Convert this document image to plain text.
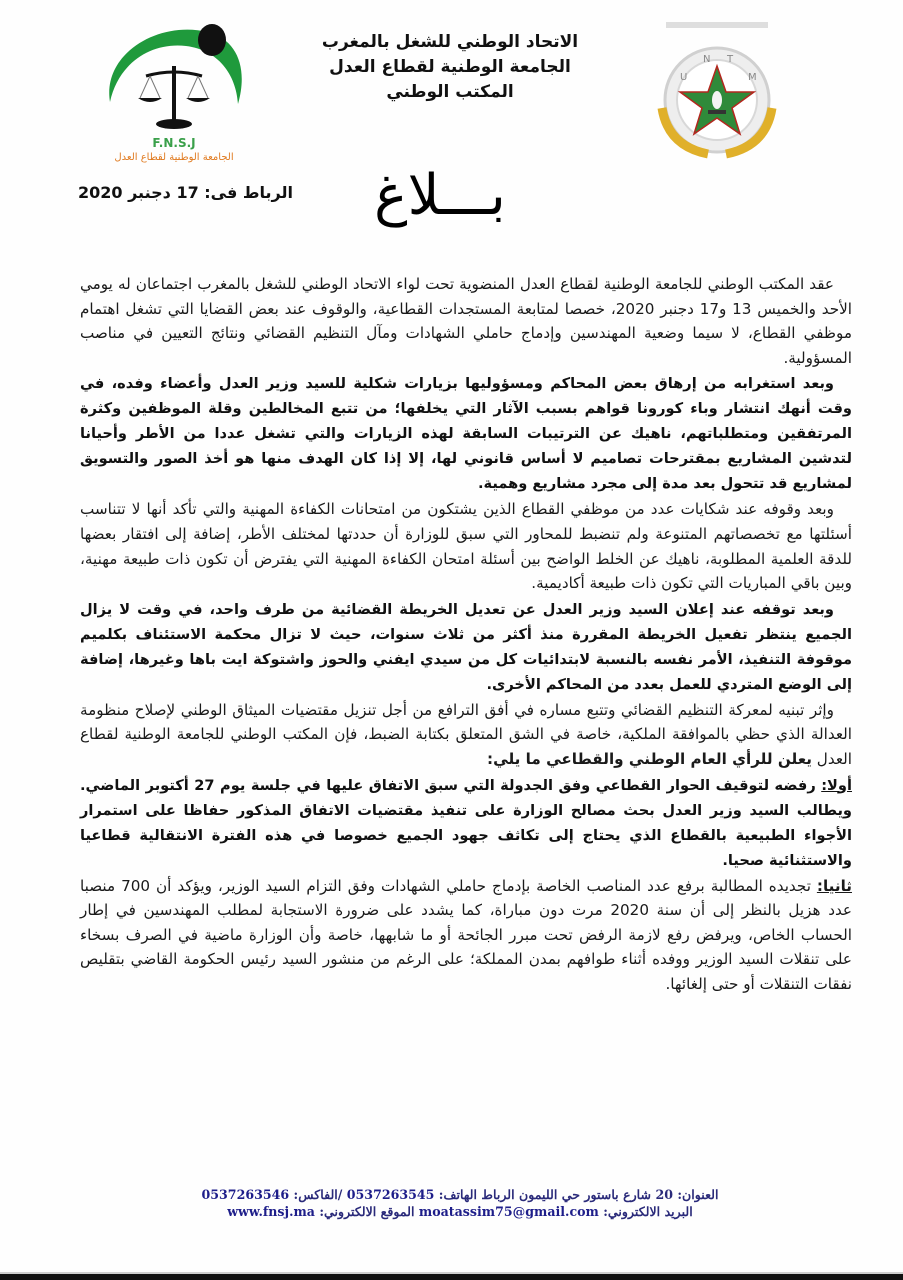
F.N.S.J
الجامعة الوطنية لقطاع العدل
U
N T
M
الاتحاد الوطني للشغل بالمغرب
الجامعة الوطنية لقطاع العدل
المكتب الوطني
الرباط فى: 17 دجنبر 2020 بـــلاغ

عقد المكتب الوطني للجامعة الوطنية لقطاع العدل المنضوية تحت لواء الاتحاد الوطني للشغل بالمغرب اجتماعان له يومي الأحد والخميس 13 و17 دجنبر 2020، خصصا لمتابعة المستجدات القطاعية، والوقوف عند بعض القضايا التي تشغل اهتمام موظفي القطاع، لا سيما وضعية المهندسين وإدماج حاملي الشهادات ومآل التنظيم القضائي ونتائج التعيين في مناصب المسؤولية.

وبعد استغرابه من إرهاق بعض المحاكم ومسؤوليها بزيارات شكلية للسيد وزير العدل وأعضاء وفده، في وقت أنهك انتشار وباء كورونا قواهم بسبب الآثار التي يخلفها؛ من تتبع المخالطين وقلة الموظفين وكثرة المرتفقين ومتطلباتهم، ناهيك عن الترتيبات السابقة لهذه الزيارات والتي تشغل عددا من الأطر وأحيانا لتدشين المشاريع بمقترحات تصاميم لا أساس قانوني لها، إلا إذا كان الهدف منها هو أخذ الصور والتسويق لمشاريع قد تتحول بعد مدة إلى مجرد مشاريع وهمية.

وبعد وقوفه عند شكايات عدد من موظفي القطاع الذين يشتكون من امتحانات الكفاءة المهنية والتي تأكد أنها لا تتناسب أسئلتها مع تخصصاتهم المتنوعة ولم تنضبط للمحاور التي سبق للوزارة أن حددتها لمختلف الأطر، إضافة إلى افتقار بعضها للدقة العلمية المطلوبة، ناهيك عن الخلط الواضح بين أسئلة امتحان الكفاءة المهنية التي يفترض أن تكون ذات طبيعة مهنية، وبين باقي المباريات التي تكون ذات طبيعة أكاديمية.

وبعد توقفه عند إعلان السيد وزير العدل عن تعديل الخريطة القضائية من طرف واحد، في وقت لا يزال الجميع ينتظر تفعيل الخريطة المقررة منذ أكثر من ثلاث سنوات، حيث لا تزال محكمة الاستئناف بكلميم موقوفة التنفيذ، الأمر نفسه بالنسبة لابتدائيات كل من سيدي ايفني والحوز واشتوكة ايت باها وغيرها، إضافة إلى الوضع المتردي للعمل بعدد من المحاكم الأخرى.

وإثر تبنيه لمعركة التنظيم القضائي وتتبع مساره في أفق الترافع من أجل تنزيل مقتضيات الميثاق الوطني لإصلاح منظومة العدالة الذي حظي بالموافقة الملكية، خاصة في الشق المتعلق بكتابة الضبط، فإن المكتب الوطني للجامعة الوطنية لقطاع العدل يعلن للرأي العام الوطني والقطاعي ما يلي:

أولا: رفضه لتوقيف الحوار القطاعي وفق الجدولة التي سبق الاتفاق عليها في جلسة يوم 27 أكتوبر الماضي. ويطالب السيد وزير العدل بحث مصالح الوزارة على تنفيذ مقتضيات الاتفاق المذكور حفاظا على استمرار الأجواء الطبيعية بالقطاع الذي يحتاج إلى تكاثف جهود الجميع خصوصا في هذه الفترة الانتقالية قطاعيا والاستثنائية صحيا.

ثانيا: تجديده المطالبة برفع عدد المناصب الخاصة بإدماج حاملي الشهادات وفق التزام السيد الوزير، ويؤكد أن 700 منصبا عدد هزيل بالنظر إلى أن سنة 2020 مرت دون مباراة، كما يشدد على ضرورة الاستجابة لمطلب المهندسين في إطار الحساب الخاص، ويرفض رفع لازمة الرفض تحت مبرر الجائحة أو ما شابهها، خاصة وأن الوزارة ماضية في الصرف بسخاء على تنقلات السيد الوزير ووفده أثناء طوافهم بمدن المملكة؛ على الرغم من منشور السيد رئيس الحكومة القاضي بتقليص نفقات التنقلات أو حتى إلغائها.

العنوان: 20 شارع باستور حي الليمون الرباط الهاتف: 0537263545 /الفاكس: 0537263546
البريد الالكتروني: moatassim75@gmail.com الموقع الالكتروني: www.fnsj.ma
